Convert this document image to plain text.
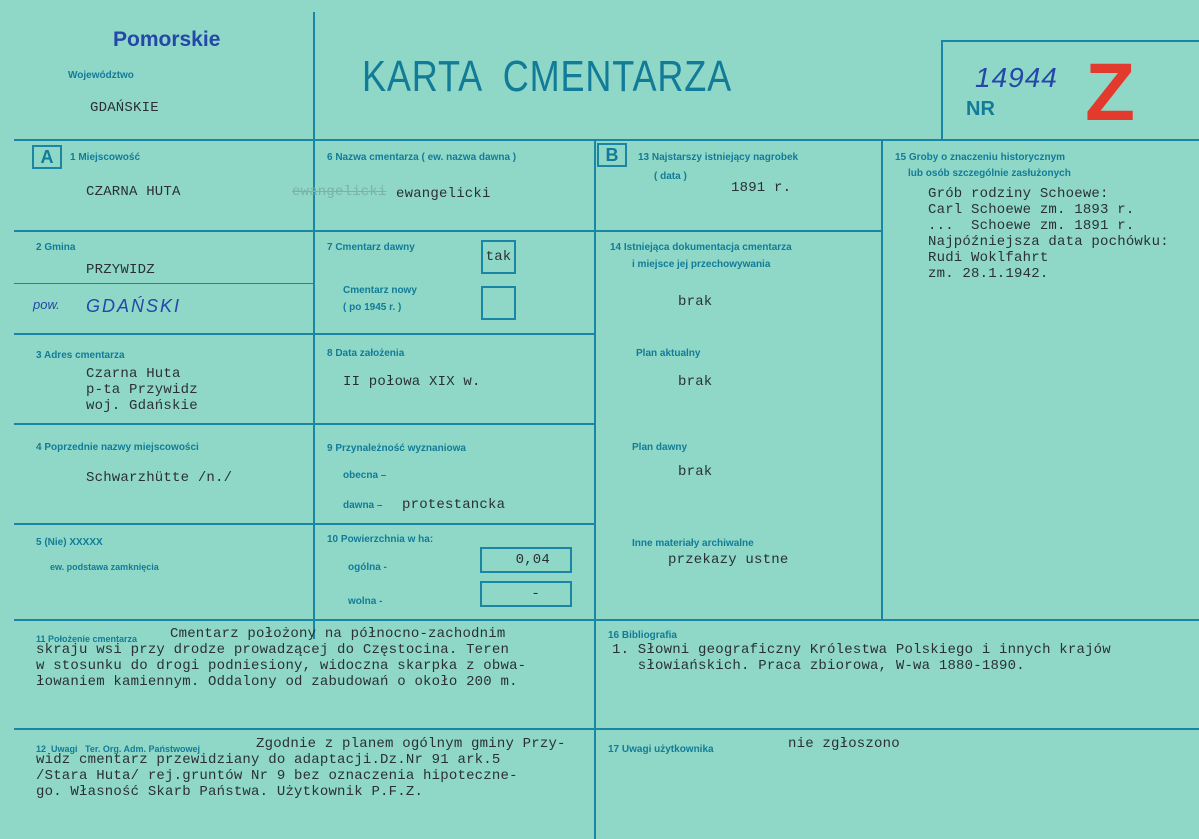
Pomorskie
Województwo
GDAŃSKIE
KARTA  CMENTARZA	14944
NR Z
A	B
1 Miejscowość
CZARNA HUTA
2 Gmina
PRZYWIDZ
pow. GDAŃSKI
3 Adres cmentarza
Czarna Huta
p-ta Przywidz
woj. Gdańskie
4 Poprzednie nazwy miejscowości
Schwarzhütte /n./
5 (Nie) XXXXX
ew. podstawa zamknięcia
6 Nazwa cmentarza ( ew. nazwa dawna )
ewangelicki ewangelicki
7 Cmentarz dawny
tak
Cmentarz nowy
( po 1945 r. )
8 Data założenia
II połowa XIX w.
9 Przynależność wyznaniowa
obecna –
dawna – protestancka
10 Powierzchnia w ha:
ogólna -	0,04
wolna -	-
11 Położenie cmentarza	Cmentarz położony na północno-zachodnim
skraju wsi przy drodze prowadzącej do Częstocina. Teren
w stosunku do drogi podniesiony, widoczna skarpka z obwa-
łowaniem kamiennym. Oddalony od zabudowań o około 200 m.
12  Uwagi   Ter. Org. Adm. Państwowej	Zgodnie z planem ogólnym gminy Przy-
widz cmentarz przewidziany do adaptacji.Dz.Nr 91 ark.5
/Stara Huta/ rej.gruntów Nr 9 bez oznaczenia hipoteczne-
go. Własność Skarb Państwa. Użytkownik P.F.Z.
13 Najstarszy istniejący nagrobek
( data )
1891 r.
14 Istniejąca dokumentacja cmentarza
i miejsce jej przechowywania
brak
Plan aktualny
brak
Plan dawny
brak
Inne materiały archiwalne
przekazy ustne
15 Groby o znaczeniu historycznym
lub osób szczególnie zasłużonych
Grób rodziny Schoewe:
Carl Schoewe zm. 1893 r.
...  Schoewe zm. 1891 r.
Najpóźniejsza data pochówku:
Rudi Woklfahrt
zm. 28.1.1942.
16 Bibliografia
1. Słowni geograficzny Królestwa Polskiego i innych krajów
słowiańskich. Praca zbiorowa, W-wa 1880-1890.
17 Uwagi użytkownika	nie zgłoszono
